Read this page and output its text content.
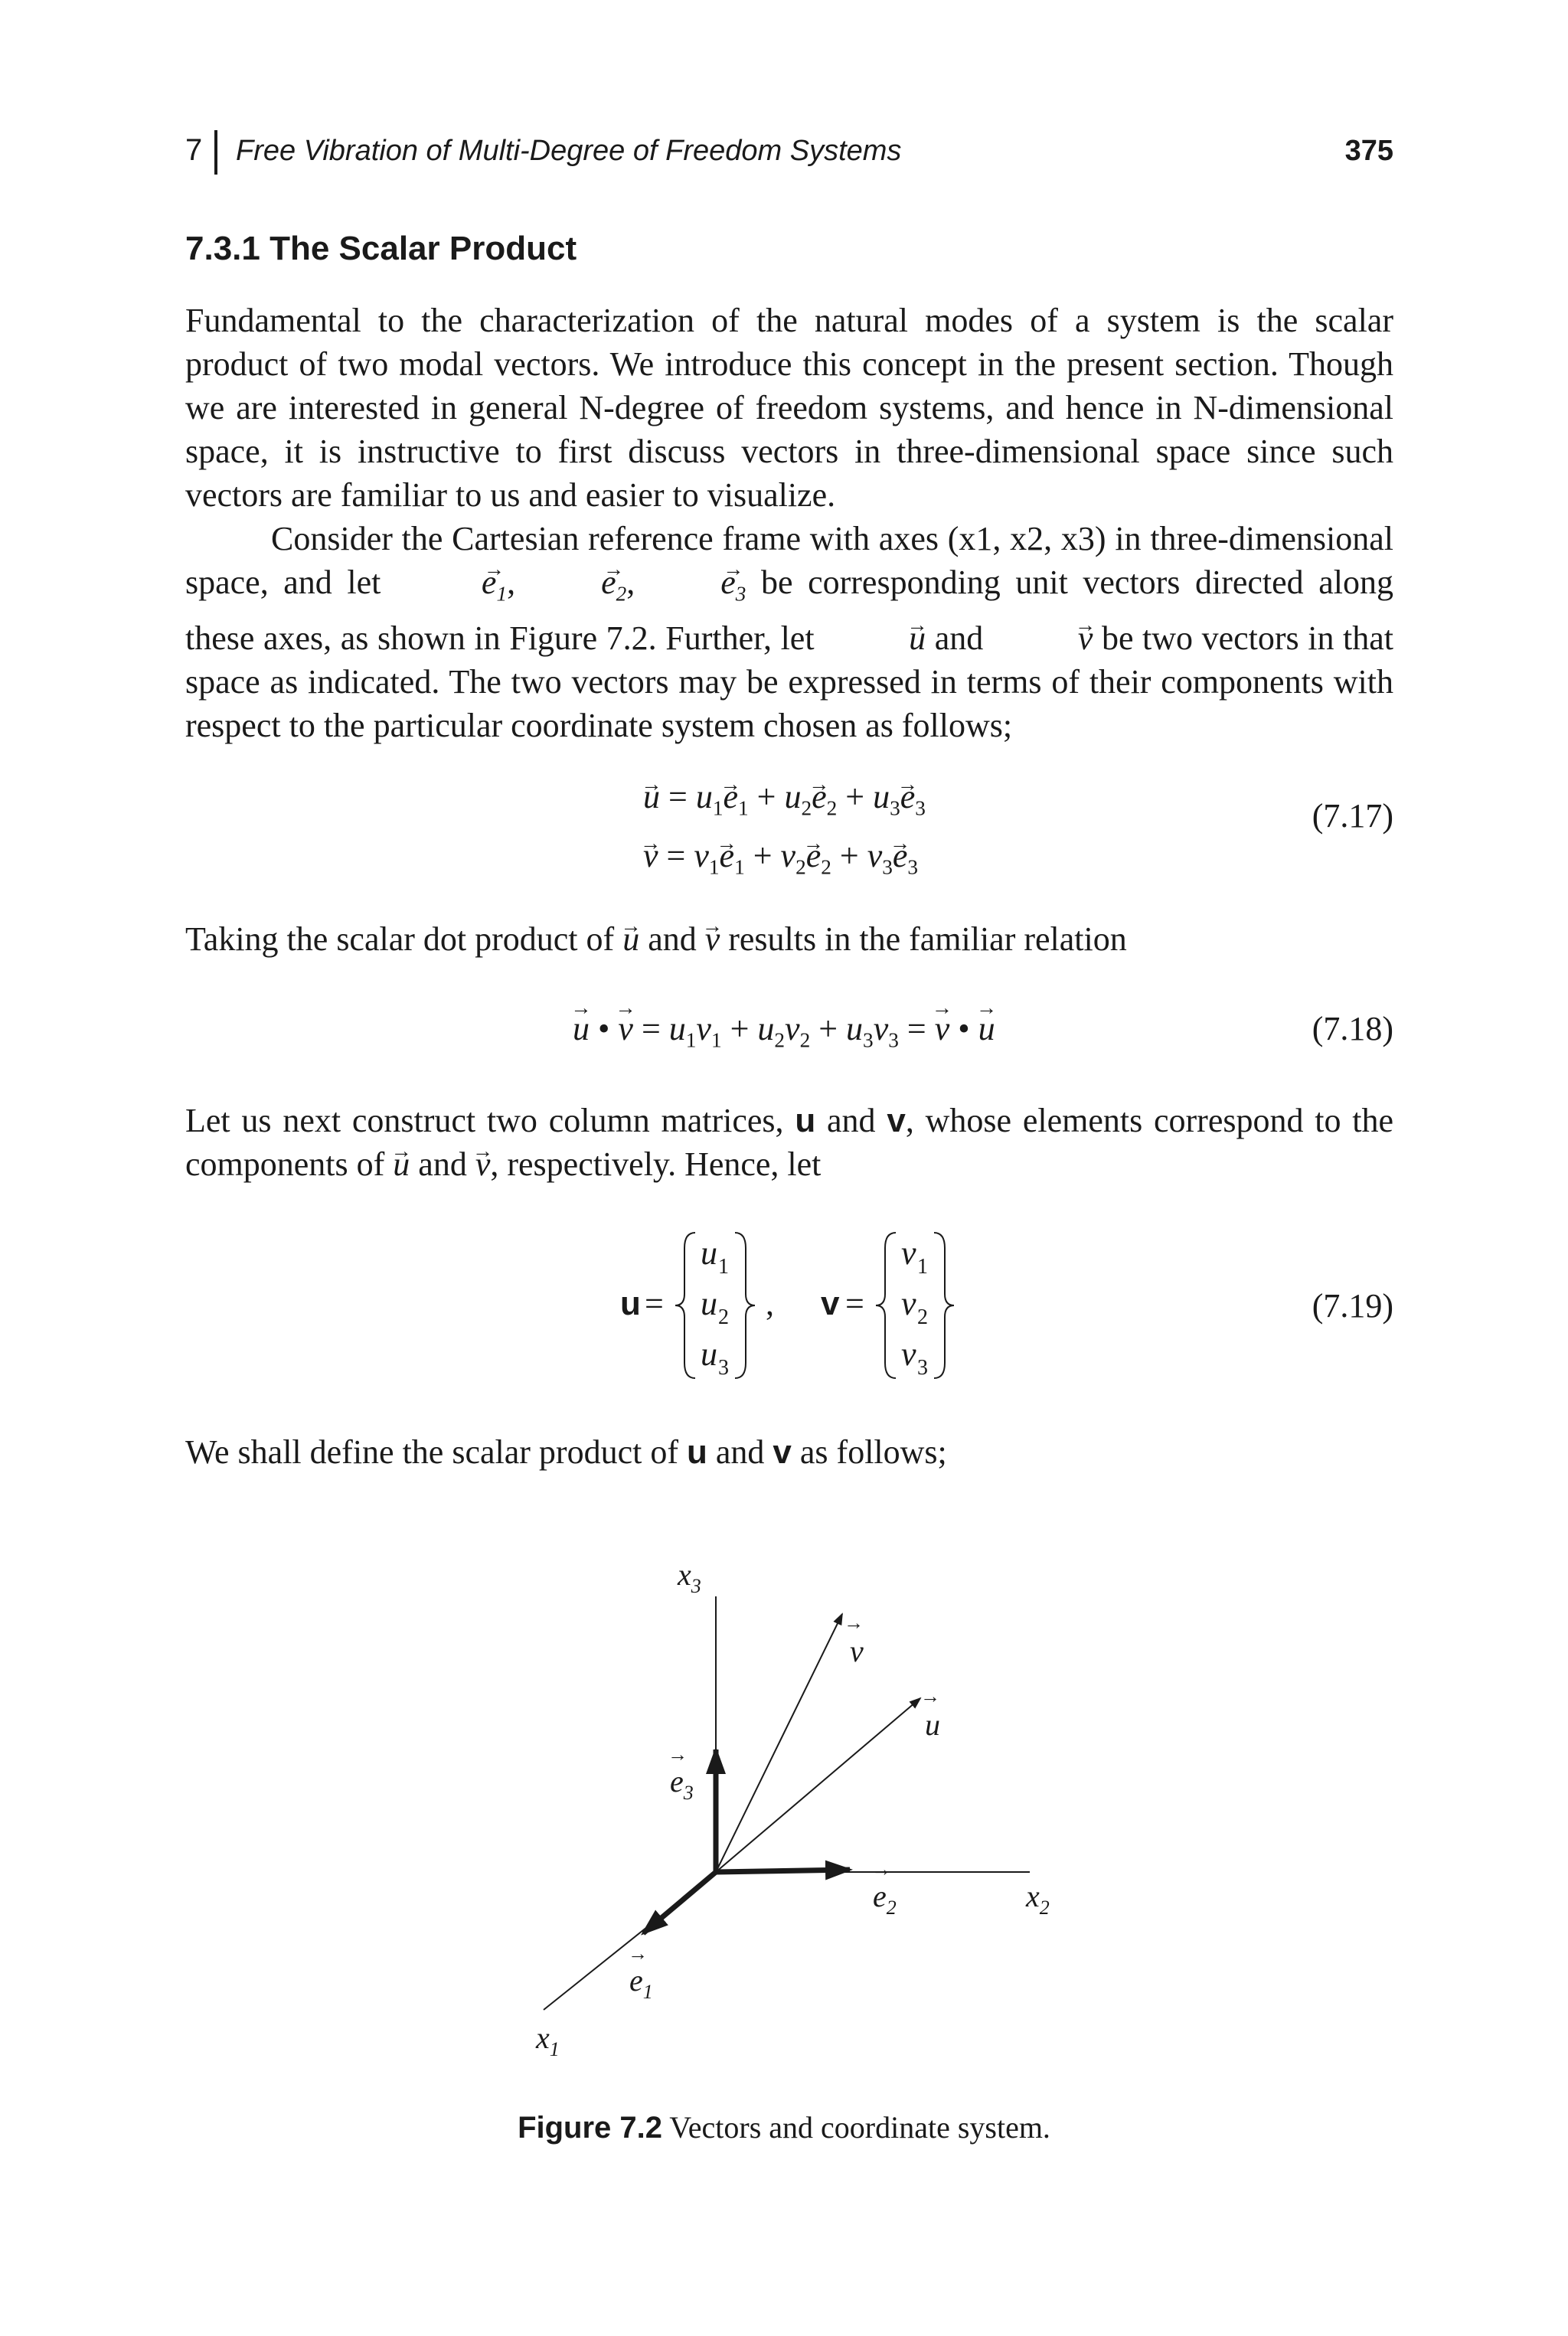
7 Free Vibration of Multi-Degree of Freedom Systems	375
7.3.1 The Scalar Product

Fundamental to the characterization of the natural modes of a system is the scalar product of two modal vectors. We introduce this concept in the present section. Though we are interested in general N-degree of freedom systems, and hence in N-dimensional space, it is instructive to first discuss vectors in three-dimensional space since such vectors are familiar to us and easier to visualize.

Consider the Cartesian reference frame with axes (x1, x2, x3) in three-dimensional space, and let →	$e_1,\to$	$e_2,\to$	$e_3$ be corresponding unit vectors directed along these axes, as shown in Figure 7.2. Further, let →	u and →	v be two vectors in that space as indicated. The two vectors may be expressed in terms of their components with respect to the particular coordinate system chosen as follows;

→ $u = u_1\to e_1 + u_2\to e_2 + u_3\to e_3$
→ $v = v_1\to e_1 + v_2\to e_2 + v_3\to e_3$
(7.17)

Taking the scalar dot product of → u and → v results in the familiar relation

→ u • → $v = u_1v_1 + u_2v_2 + u_3v_3$ = → v • → u	(7.18)

Let us next construct two column matrices, u and v, whose elements correspond to the components of → u and → v, respectively. Hence, let

u =
u 1
u 2
u 3
, v =
v 1
v 2
v 3
(7.19)

We shall define the scalar product of u and v as follows;

$x_3$
v
→
u
→
$e_3$
→
$e_2$
→
$x_2$
$e_1$
→
$x_1$
Figure 7.2 Vectors and coordinate system.
